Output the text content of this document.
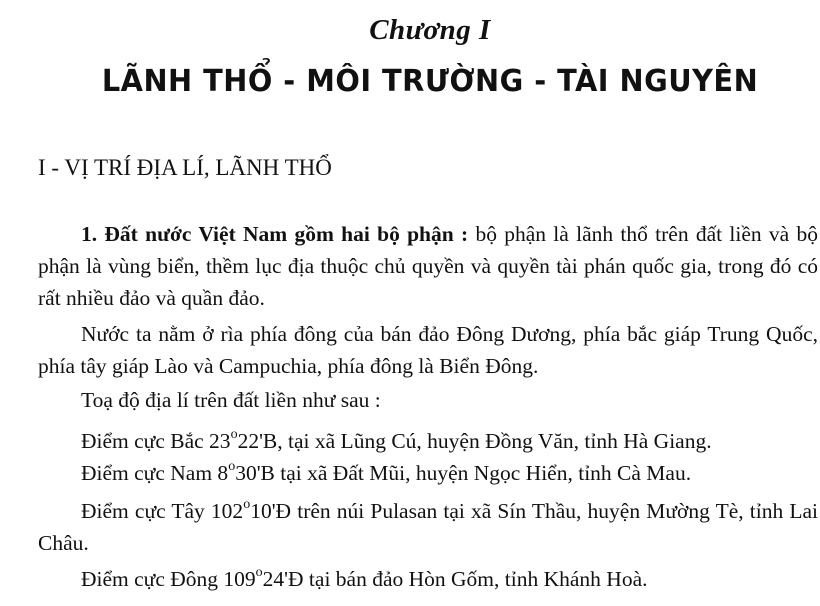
Chương I
LÃNH THỔ - MÔI TRƯỜNG - TÀI NGUYÊN
I - VỊ TRÍ ĐỊA LÍ, LÃNH THỔ

1. Đất nước Việt Nam gồm hai bộ phận : bộ phận là lãnh thổ trên đất liền và bộ phận là vùng biển, thềm lục địa thuộc chủ quyền và quyền tài phán quốc gia, trong đó có rất nhiều đảo và quần đảo.

Nước ta nằm ở rìa phía đông của bán đảo Đông Dương, phía bắc giáp Trung Quốc, phía tây giáp Lào và Campuchia, phía đông là Biển Đông.

Toạ độ địa lí trên đất liền như sau :

Điểm cực Bắc 23$^o$22'B, tại xã Lũng Cú, huyện Đồng Văn, tỉnh Hà Giang.

Điểm cực Nam 8$^o$30'B tại xã Đất Mũi, huyện Ngọc Hiển, tỉnh Cà Mau.

Điểm cực Tây 102$^o$10'Đ trên núi Pulasan tại xã Sín Thầu, huyện Mường Tè, tỉnh Lai Châu.

Điểm cực Đông 109$^o$24'Đ tại bán đảo Hòn Gốm, tỉnh Khánh Hoà.
